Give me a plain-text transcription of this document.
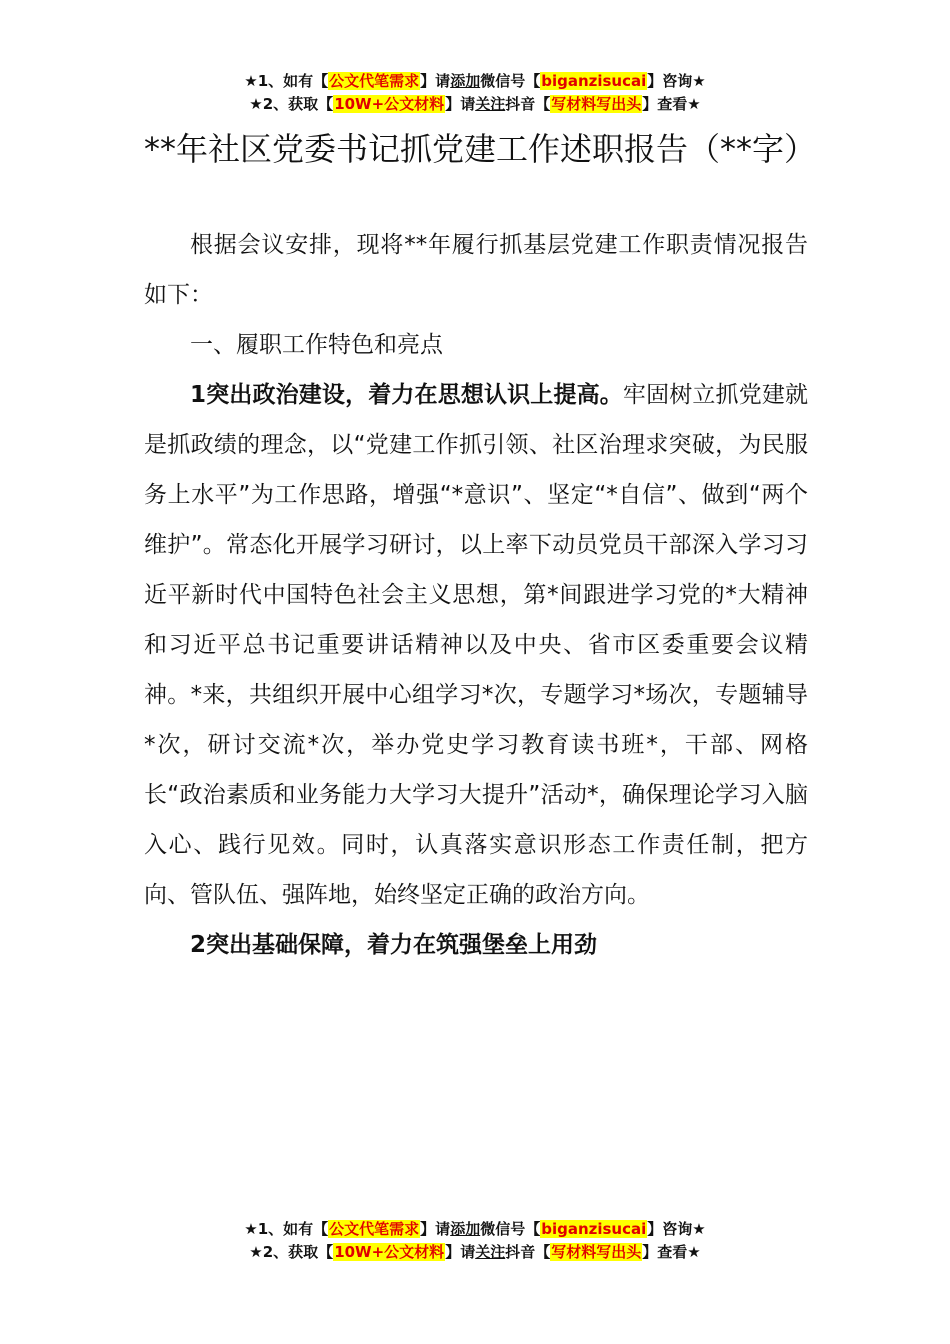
★1、如有【公文代笔需求】请添加微信号【biganzisucai】咨询★
★2、获取【10W+公文材料】请关注抖音【写材料写出头】查看★
**年社区党委书记抓党建工作述职报告（**字）

根据会议安排，现将**年履行抓基层党建工作职责情况报告如下：

一、履职工作特色和亮点

1突出政治建设，着力在思想认识上提高。牢固树立抓党建就是抓政绩的理念，以“党建工作抓引领、社区治理求突破，为民服务上水平”为工作思路，增强“*意识”、坚定“*自信”、做到“两个维护”。常态化开展学习研讨，以上率下动员党员干部深入学习习近平新时代中国特色社会主义思想，第*间跟进学习党的*大精神和习近平总书记重要讲话精神以及中央、省市区委重要会议精神。*来，共组织开展中心组学习*次，专题学习*场次，专题辅导*次，研讨交流*次，举办党史学习教育读书班*，干部、网格长“政治素质和业务能力大学习大提升”活动*，确保理论学习入脑入心、践行见效。同时，认真落实意识形态工作责任制，把方向、管队伍、强阵地，始终坚定正确的政治方向。

2突出基础保障，着力在筑强堡垒上用劲

★1、如有【公文代笔需求】请添加微信号【biganzisucai】咨询★
★2、获取【10W+公文材料】请关注抖音【写材料写出头】查看★
